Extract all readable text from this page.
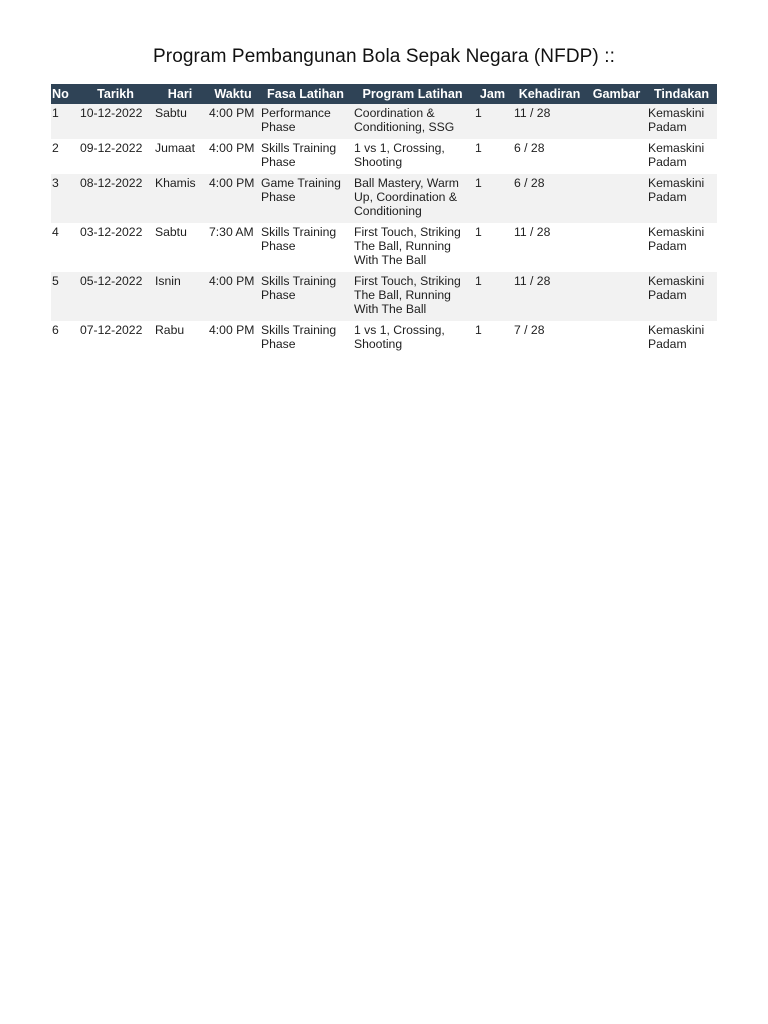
Program Pembangunan Bola Sepak Negara (NFDP) ::
No	Tarikh	Hari	Waktu	Fasa Latihan	Program Latihan	Jam	Kehadiran	Gambar	Tindakan
1	10-12-2022	Sabtu	4:00 PM	Performance Phase	Coordination & Conditioning, SSG	1	11 / 28		Kemaskini
Padam

2	09-12-2022	Jumaat	4:00 PM	Skills Training Phase	1 vs 1, Crossing, Shooting	1	6 / 28		Kemaskini
Padam

3	08-12-2022	Khamis	4:00 PM	Game Training Phase	Ball Mastery, Warm Up, Coordination & Conditioning	1	6 / 28		Kemaskini
Padam

4	03-12-2022	Sabtu	7:30 AM	Skills Training Phase	First Touch, Striking The Ball, Running With The Ball	1	11 / 28		Kemaskini
Padam

5	05-12-2022	Isnin	4:00 PM	Skills Training Phase	First Touch, Striking The Ball, Running With The Ball	1	11 / 28		Kemaskini
Padam

6	07-12-2022	Rabu	4:00 PM	Skills Training Phase	1 vs 1, Crossing, Shooting	1	7 / 28		Kemaskini
Padam
